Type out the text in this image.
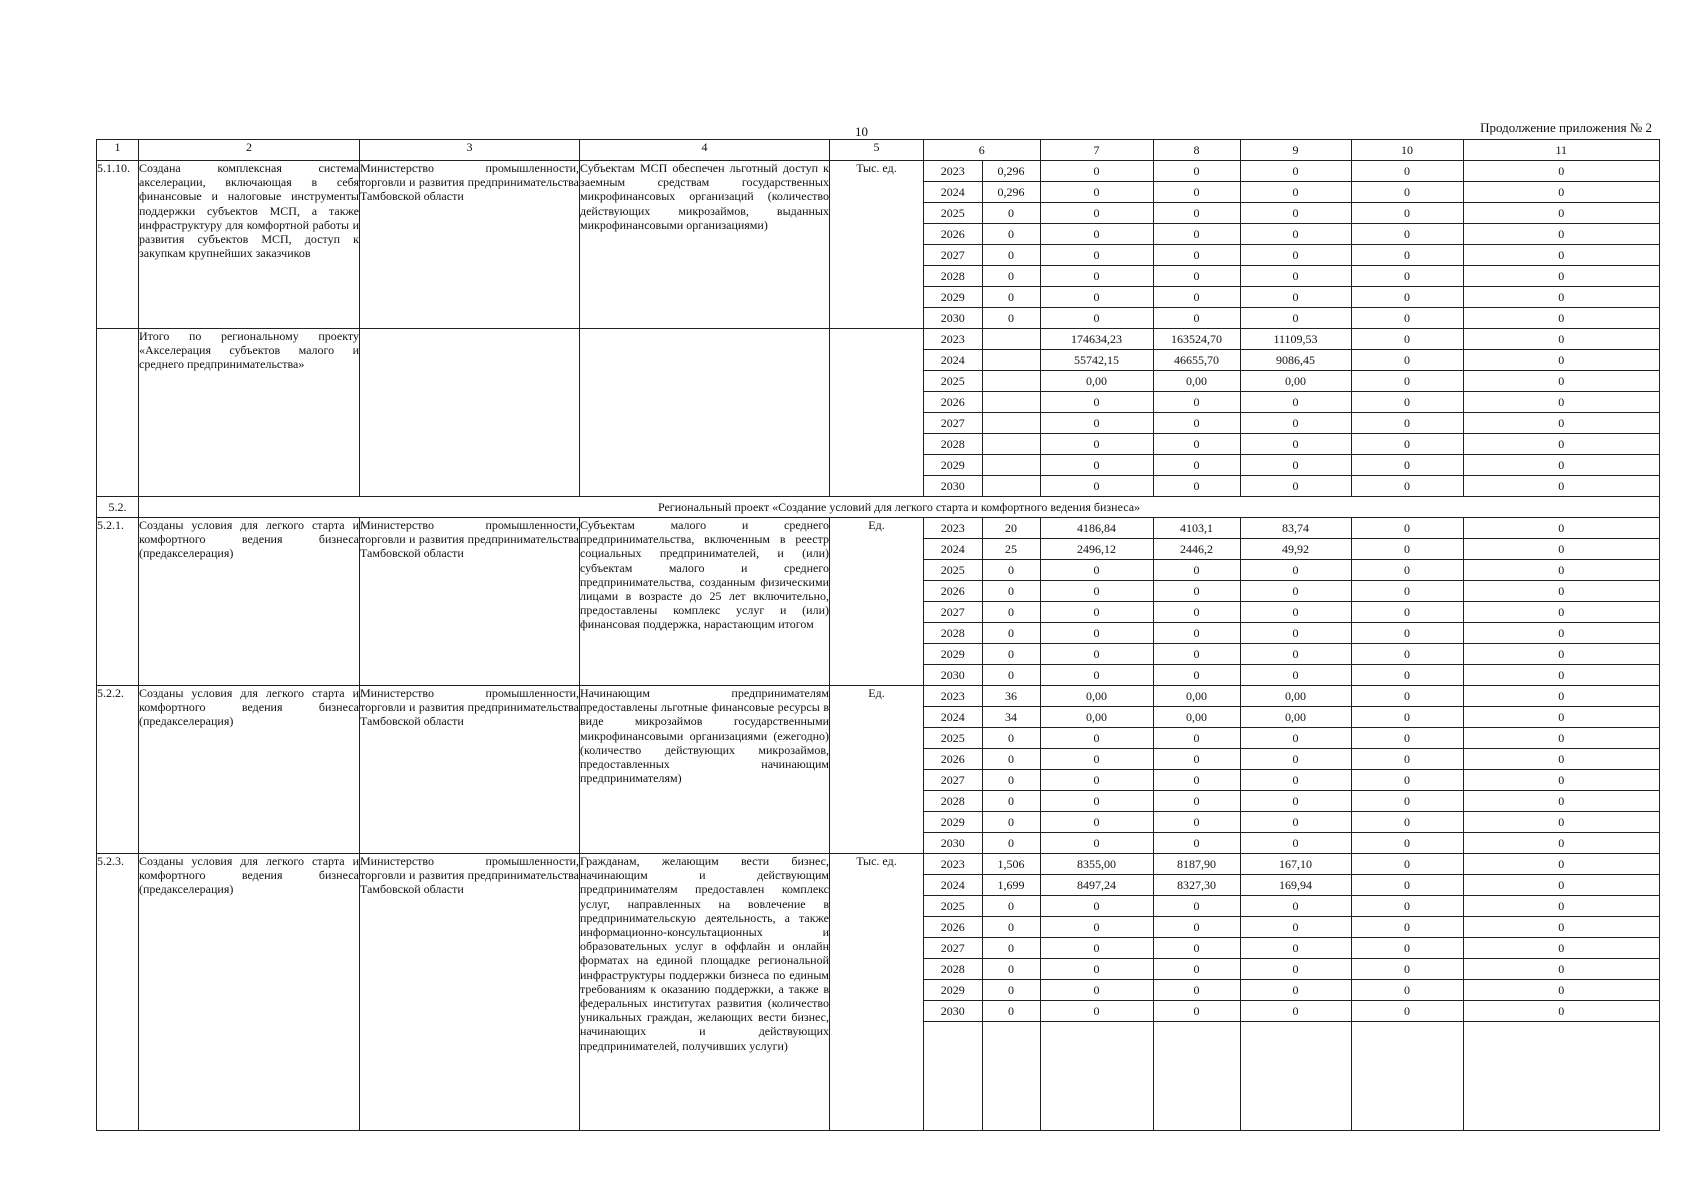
10	Продолжение приложения № 2
1	2	3	4	5		6	7	8	9	10	11

5.1.10.	Создана комплексная система акселерации, включающая в себя финансовые и налоговые инструменты поддержки субъектов МСП, а также инфраструктуру для комфортной работы и развития субъектов МСП, доступ к закупкам крупнейших заказчиков	Министерство промышленности, торговли и развития предпринимательства Тамбовской области	Субъектам МСП обеспечен льготный доступ к заемным средствам государственных микрофинансовых организаций (количество действующих микрозаймов, выданных микрофинансовыми организациями)	Тыс. ед.		2023	0,296	0	0	0	0	0
2024	0,296	0	0	0	0	0
2025	0	0	0	0	0	0
2026	0	0	0	0	0	0
2027	0	0	0	0	0	0
2028	0	0	0	0	0	0
2029	0	0	0	0	0	0
2030	0	0	0	0	0	0

	Итого по региональному проекту «Акселерация субъектов малого и среднего предпринимательства»				
2023		174634,23	163524,70	11109,53	0	0
2024		55742,15	46655,70	9086,45	0	0
2025		0,00	0,00	0,00	0	0
2026		0	0	0	0	0
2027		0	0	0	0	0
2028		0	0	0	0	0
2029		0	0	0	0	0
2030		0	0	0	0	0

5.2.	Региональный проект «Создание условий для легкого старта и комфортного ведения бизнеса»
5.2.1.	Созданы условия для легкого старта и комфортного ведения бизнеса (предакселерация)	Министерство промышленности, торговли и развития предпринимательства Тамбовской области	Субъектам малого и среднего предпринимательства, включенным в реестр социальных предпринимателей, и (или) субъектам малого и среднего предпринимательства, созданным физическими лицами в возрасте до 25 лет включительно, предоставлены комплекс услуг и (или) финансовая поддержка, нарастающим итогом	Ед.		2023	20	4186,84	4103,1	83,74	0	0
2024	25	2496,12	2446,2	49,92	0	0
2025	0	0	0	0	0	0
2026	0	0	0	0	0	0
2027	0	0	0	0	0	0
2028	0	0	0	0	0	0
2029	0	0	0	0	0	0
2030	0	0	0	0	0	0

5.2.2.	Созданы условия для легкого старта и комфортного ведения бизнеса (предакселерация)	Министерство промышленности, торговли и развития предпринимательства Тамбовской области	Начинающим предпринимателям предоставлены льготные финансовые ресурсы в виде микрозаймов государственными микрофинансовыми организациями (ежегодно) (количество действующих микрозаймов, предоставленных начинающим предпринимателям)	Ед.		2023	36	0,00	0,00	0,00	0	0
2024	34	0,00	0,00	0,00	0	0
2025	0	0	0	0	0	0
2026	0	0	0	0	0	0
2027	0	0	0	0	0	0
2028	0	0	0	0	0	0
2029	0	0	0	0	0	0
2030	0	0	0	0	0	0

5.2.3.	Созданы условия для легкого старта и комфортного ведения бизнеса (предакселерация)	Министерство промышленности, торговли и развития предпринимательства Тамбовской области	Гражданам, желающим вести бизнес, начинающим и действующим предпринимателям предоставлен комплекс услуг, направленных на вовлечение в предпринимательскую деятельность, а также информационно-консультационных и образовательных услуг в оффлайн и онлайн форматах на единой площадке региональной инфраструктуры поддержки бизнеса по единым требованиям к оказанию поддержки, а также в федеральных институтах развития (количество уникальных граждан, желающих вести бизнес, начинающих и действующих предпринимателей, получивших услуги)	Тыс. ед.		2023	1,506	8355,00	8187,90	167,10	0	0
2024	1,699	8497,24	8327,30	169,94	0	0
2025	0	0	0	0	0	0
2026	0	0	0	0	0	0
2027	0	0	0	0	0	0
2028	0	0	0	0	0	0
2029	0	0	0	0	0	0
2030	0	0	0	0	0	0
